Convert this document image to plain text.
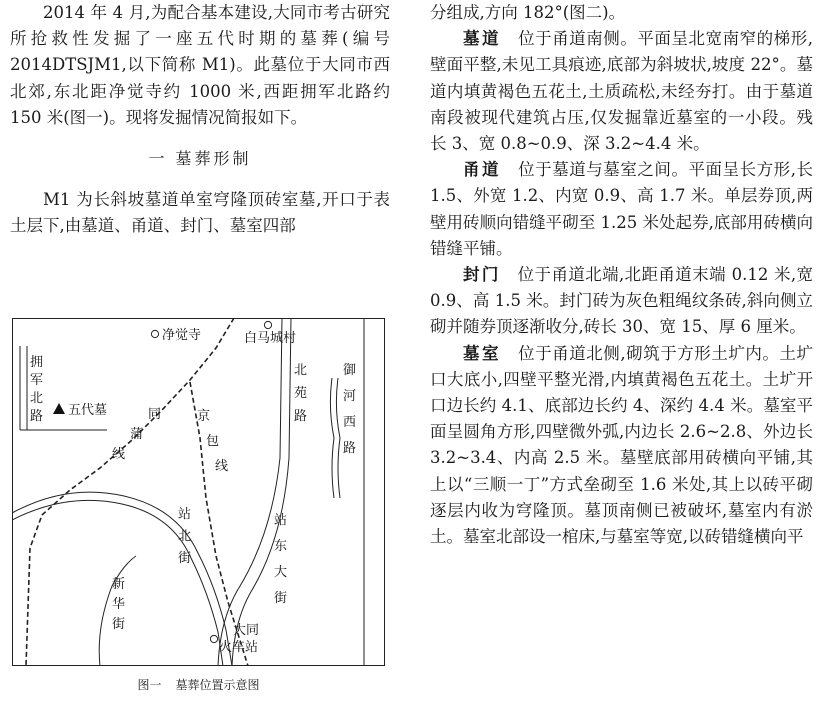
2014 年 4 月,为配合基本建设,大同市考古研究所抢救性发掘了一座五代时期的墓葬(编号 2014DTSJM1,以下简称 M1)。此墓位于大同市西北郊,东北距净觉寺约 1000 米,西距拥军北路约 150 米(图一)。现将发掘情况简报如下。

一 墓葬形制

M1 为长斜坡墓道单室穹隆顶砖室墓,开口于表土层下,由墓道、甬道、封门、墓室四部

净觉寺	白马城村
五代墓
拥军北路	同蒲线
京包线
北苑路
御河西路
站北街
站东大街
新华街	大同火车站
图一 墓葬位置示意图

分组成,方向 182°(图二)。

墓道　 位于甬道南侧。平面呈北宽南窄的梯形,壁面平整,未见工具痕迹,底部为斜坡状,坡度 22°。墓道内填黄褐色五花土,土质疏松,未经夯打。由于墓道南段被现代建筑占压,仅发掘靠近墓室的一小段。残长 3、宽 0.8~0.9、深 3.2~4.4 米。

甬道　 位于墓道与墓室之间。平面呈长方形,长 1.5、外宽 1.2、内宽 0.9、高 1.7 米。单层券顶,两壁用砖顺向错缝平砌至 1.25 米处起券,底部用砖横向错缝平铺。

封门　 位于甬道北端,北距甬道末端 0.12 米,宽 0.9、高 1.5 米。封门砖为灰色粗绳纹条砖,斜向侧立砌并随券顶逐渐收分,砖长 30、宽 15、厚 6 厘米。

墓室　 位于甬道北侧,砌筑于方形土圹内。土圹口大底小,四壁平整光滑,内填黄褐色五花土。土圹开口边长约 4.1、底部边长约 4、深约 4.4 米。墓室平面呈圆角方形,四壁微外弧,内边长 2.6~2.8、外边长 3.2~3.4、内高 2.5 米。墓壁底部用砖横向平铺,其上以“三顺一丁”方式垒砌至 1.6 米处,其上以砖平砌逐层内收为穹隆顶。墓顶南侧已被破坏,墓室内有淤土。墓室北部设一棺床,与墓室等宽,以砖错缝横向平
